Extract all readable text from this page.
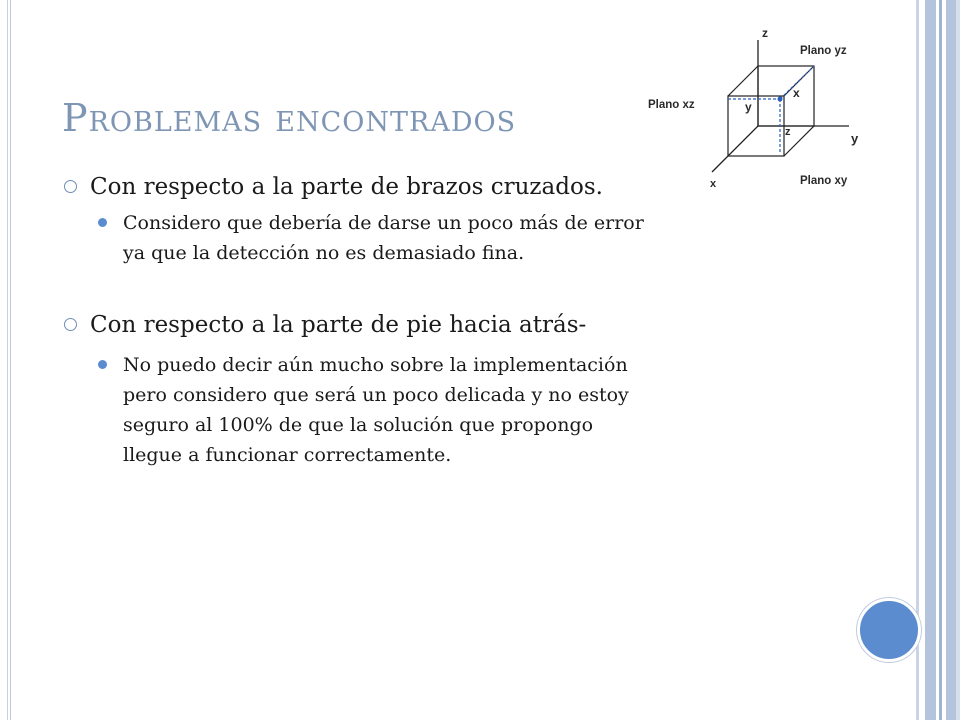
Problemas encontrados
z
y
x
Plano yz
Plano xz
Plano xy
x
y
z
Con respecto a la parte de brazos cruzados.
Considero que debería de darse un poco más de error
ya que la detección no es demasiado fina.
Con respecto a la parte de pie hacia atrás-
No puedo decir aún mucho sobre la implementación
pero considero que será un poco delicada y no estoy
seguro al 100% de que la solución que propongo
llegue a funcionar correctamente.
